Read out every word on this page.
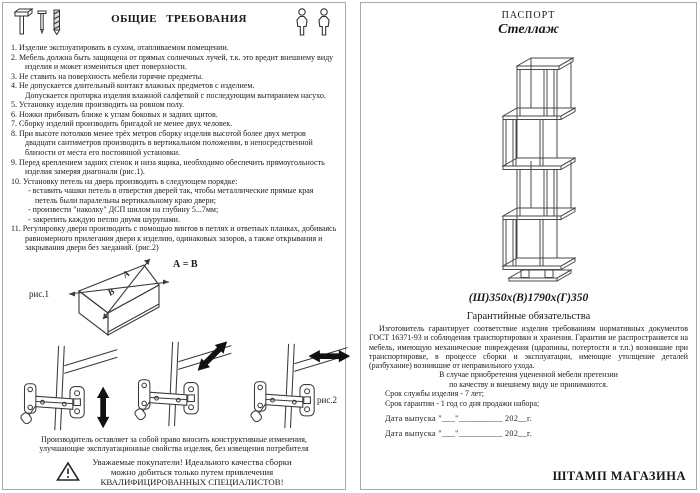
ОБЩИЕ ТРЕБОВАНИЯ
1. Изделие эксплуатировать в сухом, отапливаемом помещении.
2. Мебель должна быть защищена от прямых солнечных лучей, т.к. это вредит внешнему виду изделия и может измениться цвет поверхности.
3. Не ставить на поверхность мебели горячие предметы.
4. Не допускается длительный контакт влажных предметов с изделием.
Допускается протирка изделия влажной салфеткой с последующим вытиранием насухо.
5. Установку изделия производить на ровном полу.
6. Ножки прибивать ближе к углам боковых и задних щитов.
7. Сборку изделий производить бригадой не менее двух человек.
8. При высоте потолков менее трёх метров сборку изделия высотой более двух метров двадцати сантиметров производить в вертикальном положении, в непосредственной близости от места его постоянной установки.
9. Перед креплением задних стенок и низа ящика, необходимо обеспечить прямоугольность изделия замеряя диагонали (рис.1).
10. Установку петель на дверь производить в следующем порядке:
- вставить чашки петель в отверстия дверей так, чтобы металлические прямые края петель были паралельны вертикальному краю двери;
- произвести "наколку" ДСП шилом на глубину 5...7мм;
- закрепить каждую петлю двумя шурупами.
11. Регулировку двери производить с помощью винтов в петлях и ответных планках, добиваясь равномерного прилегания двери к изделию, одинаковых зазоров, а также открывания и закрывания двери без заеданий. (рис.2)
А
В
рис.1
А = В
рис.2
Производитель оставляет за собой право вносить конструктивные изменения, улучшающие эксплуатационные свойства изделия, без извещения потребителя
Уважаемые покупатели! Идеального качества сборки
можно добиться только путем привлечения
КВАЛИФИЦИРОВАННЫХ СПЕЦИАЛИСТОВ!
ПАСПОРТ
Стеллаж
(Ш)350х(В)1790х(Г)350
Гарантийные обязательства
Изготовитель гарантирует соответствие изделия требованиям нормативных документов ГОСТ 16371-93 и соблюдения транспортировки и хранения. Гарантия не распространяется на мебель, имеющую механические повреждения (царапины, потертости и т.п.) возникшие при транспортировке, в процессе сборки и эксплуатации, имеющие утолщение деталей (разбухание) возникшие от неправильного ухода.
В случае приобретения уцененной мебели претензии
по качеству и внешнему виду не принимаются.
Срок службы изделия - 7 лет;
Срок гарантии - 1 год со дня продажи набора;
Дата выпуска "___"__________ 202__г.
Дата выпуска "___"__________ 202__г.
ШТАМП МАГАЗИНА
